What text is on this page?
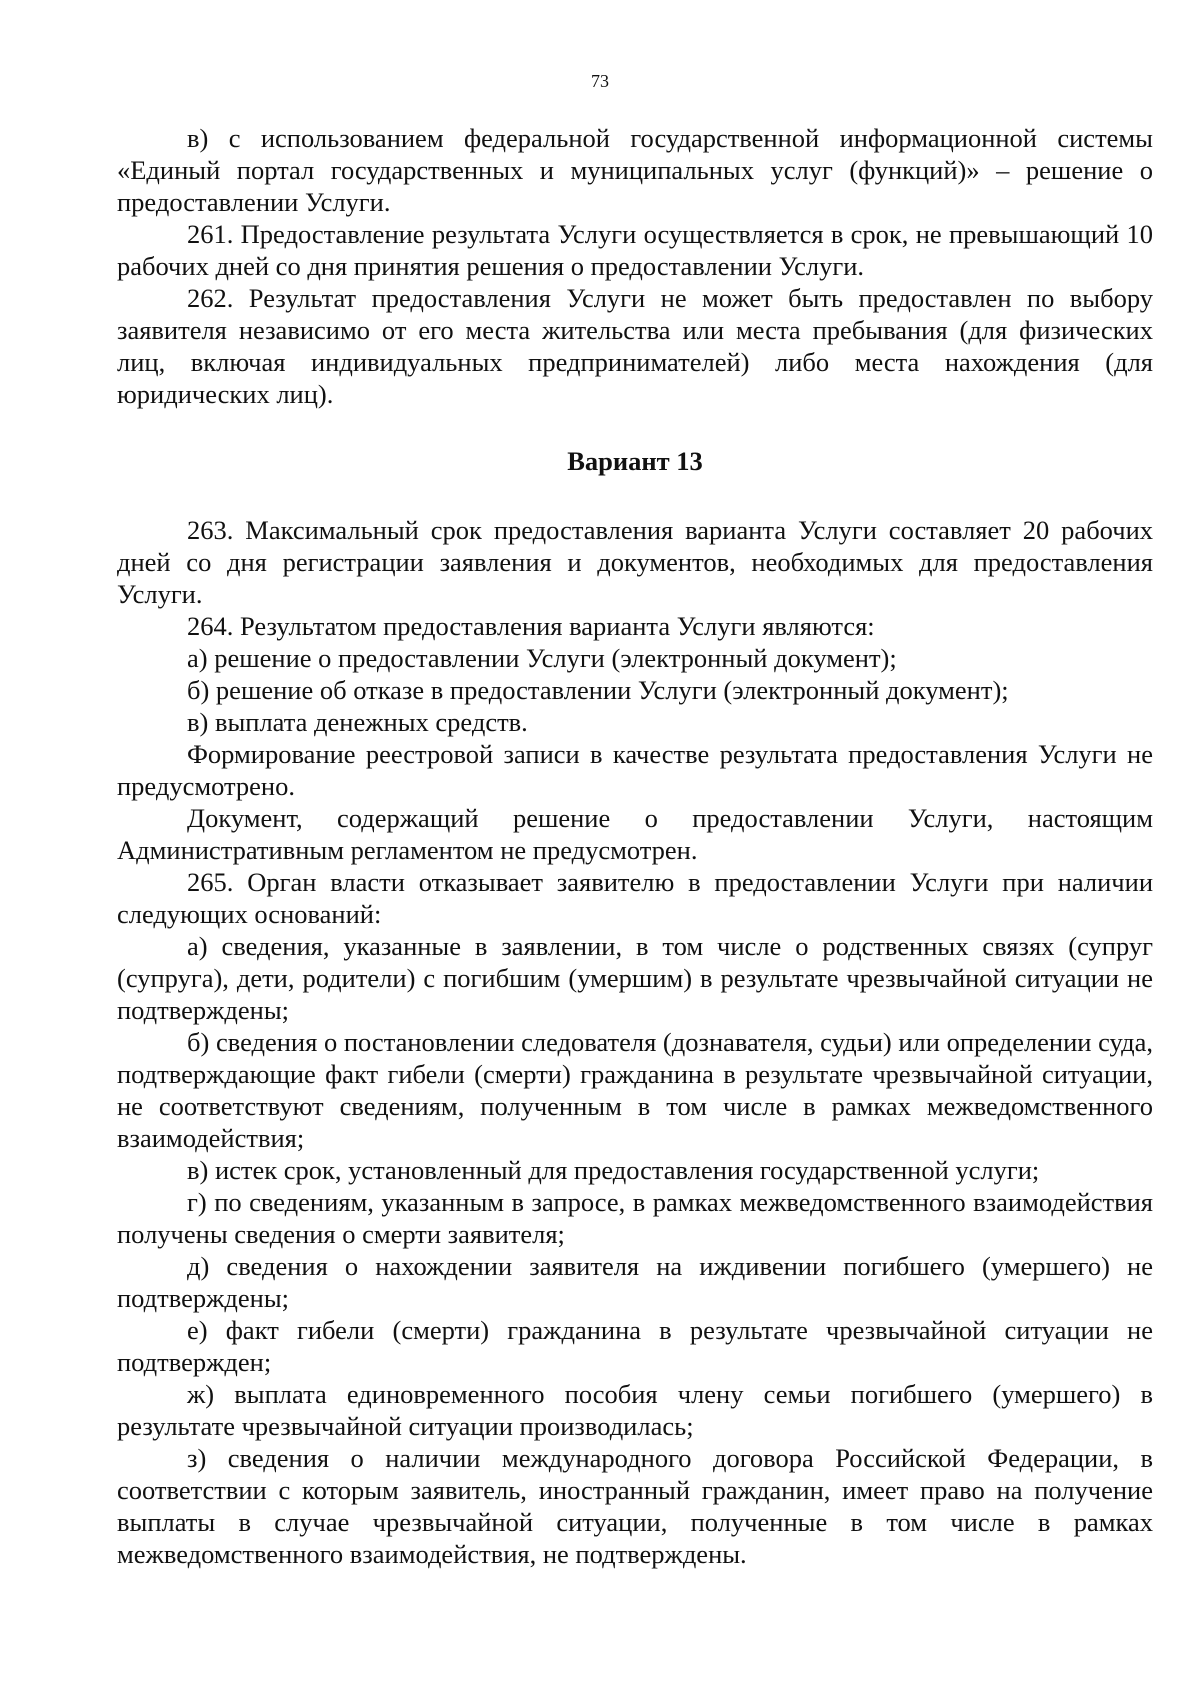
73

в) с использованием федеральной государственной информационной системы «Единый портал государственных и муниципальных услуг (функций)» – решение о предоставлении Услуги.

261. Предоставление результата Услуги осуществляется в срок, не превышающий 10 рабочих дней со дня принятия решения о предоставлении Услуги.

262. Результат предоставления Услуги не может быть предоставлен по выбору заявителя независимо от его места жительства или места пребывания (для физических лиц, включая индивидуальных предпринимателей) либо места нахождения (для юридических лиц).

Вариант 13

263. Максимальный срок предоставления варианта Услуги составляет 20 рабочих дней со дня регистрации заявления и документов, необходимых для предоставления Услуги.

264. Результатом предоставления варианта Услуги являются:

а) решение о предоставлении Услуги (электронный документ);

б) решение об отказе в предоставлении Услуги (электронный документ);

в) выплата денежных средств.

Формирование реестровой записи в качестве результата предоставления Услуги не предусмотрено.

Документ, содержащий решение о предоставлении Услуги, настоящим Административным регламентом не предусмотрен.

265. Орган власти отказывает заявителю в предоставлении Услуги при наличии следующих оснований:

а) сведения, указанные в заявлении, в том числе о родственных связях (супруг (супруга), дети, родители) с погибшим (умершим) в результате чрезвычайной ситуации не подтверждены;

б) сведения о постановлении следователя (дознавателя, судьи) или определении суда, подтверждающие факт гибели (смерти) гражданина в результате чрезвычайной ситуации, не соответствуют сведениям, полученным в том числе в рамках межведомственного взаимодействия;

в) истек срок, установленный для предоставления государственной услуги;

г) по сведениям, указанным в запросе, в рамках межведомственного взаимодействия получены сведения о смерти заявителя;

д) сведения о нахождении заявителя на иждивении погибшего (умершего) не подтверждены;

е) факт гибели (смерти) гражданина в результате чрезвычайной ситуации не подтвержден;

ж) выплата единовременного пособия члену семьи погибшего (умершего) в результате чрезвычайной ситуации производилась;

з) сведения о наличии международного договора Российской Федерации, в соответствии с которым заявитель, иностранный гражданин, имеет право на получение выплаты в случае чрезвычайной ситуации, полученные в том числе в рамках межведомственного взаимодействия, не подтверждены.
